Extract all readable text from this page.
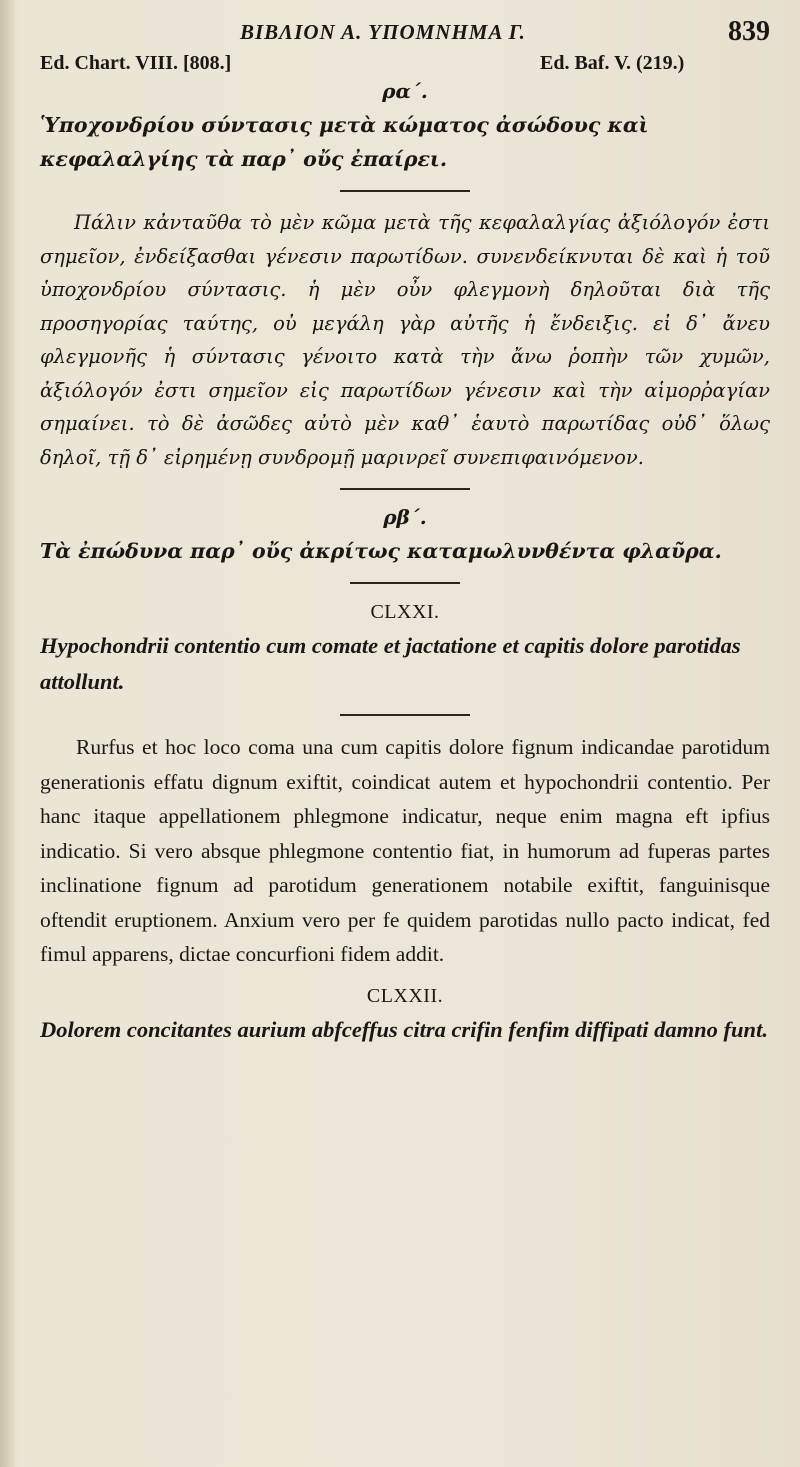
ΒΙΒΛΙΟΝ Α. ΥΠΟΜΝΗΜΑ Γ.	839
Ed. Chart. VIII. [808.]	Ed. Baf. V. (219.)
ρα΄.

Ὑποχονδρίου σύντασις μετὰ κώματος ἀσώδους καὶ κεφαλαλγίης τὰ παρ᾽ οὔς ἐπαίρει.

Πάλιν κἀνταῦθα τὸ μὲν κῶμα μετὰ τῆς κεφαλαλγίας ἀξιόλογόν ἐστι σημεῖον, ἐνδείξασθαι γένεσιν παρωτίδων. συνενδείκνυται δὲ καὶ ἡ τοῦ ὑποχονδρίου σύντασις. ἡ μὲν οὖν φλεγμονὴ δηλοῦται διὰ τῆς προσηγορίας ταύτης, οὐ μεγάλη γὰρ αὐτῆς ἡ ἔνδειξις. εἰ δ᾽ ἄνευ φλεγμονῆς ἡ σύντασις γένοιτο κατὰ τὴν ἄνω ῥοπὴν τῶν χυμῶν, ἀξιόλογόν ἐστι σημεῖον εἰς παρωτίδων γένεσιν καὶ τὴν αἱμορῤαγίαν σημαίνει. τὸ δὲ ἀσῶδες αὐτὸ μὲν καθ᾽ ἑαυτὸ παρωτίδας οὐδ᾽ ὅλως δηλοῖ, τῇ δ᾽ εἰρημένῃ συνδρομῇ μαρινρεῖ συνεπιφαινόμενον.

ρβ΄.

Τὰ ἐπώδυνα παρ᾽ οὔς ἀκρίτως καταμωλυνθέντα φλαῦρα.

CLXXI.

Hypochondrii contentio cum comate et jactatione et capitis dolore parotidas attollunt.

Rurfus et hoc loco coma una cum capitis dolore fignum indicandae parotidum generationis effatu dignum exiftit, coindicat autem et hypochondrii contentio. Per hanc itaque appellationem phlegmone indicatur, neque enim magna eft ipfius indicatio. Si vero absque phlegmone contentio fiat, in humorum ad fuperas partes inclinatione fignum ad parotidum generationem notabile exiftit, fanguinisque oftendit eruptionem. Anxium vero per fe quidem parotidas nullo pacto indicat, fed fimul apparens, dictae concurfioni fidem addit.

CLXXII.

Dolorem concitantes aurium abfceffus citra crifin fenfim diffipati damno funt.
